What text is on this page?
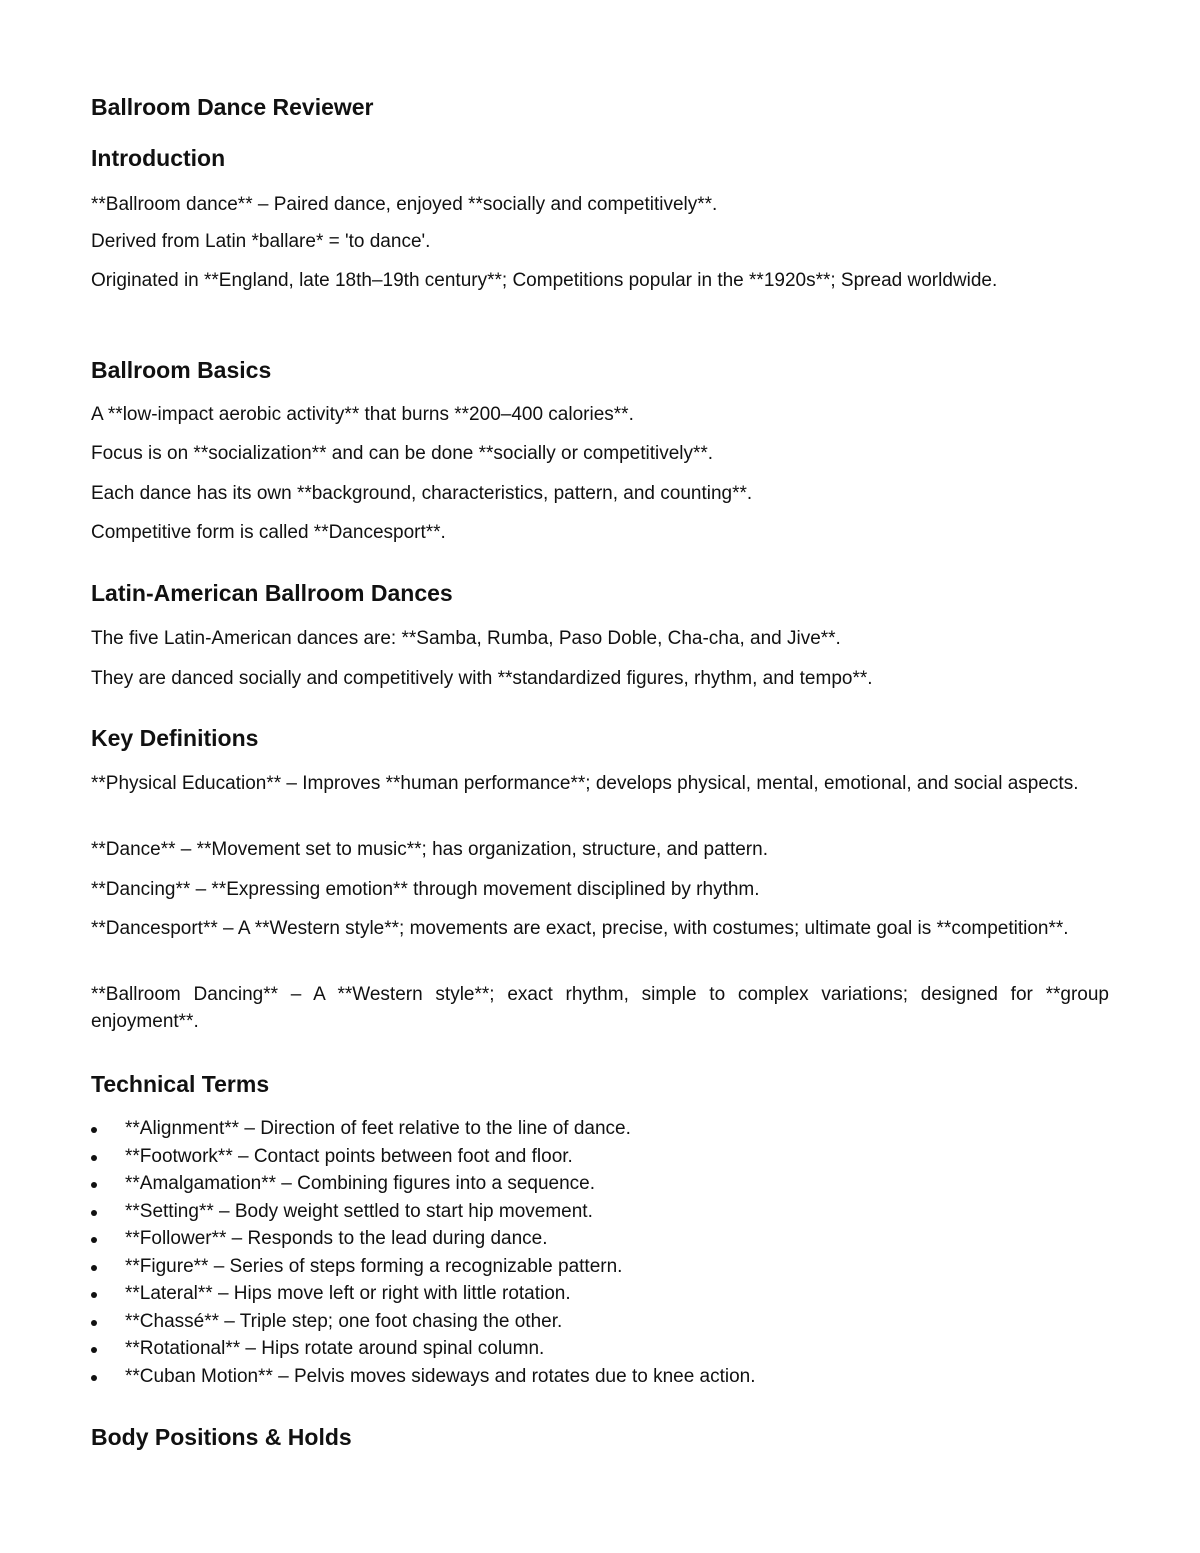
Ballroom Dance Reviewer
Introduction

**Ballroom dance** – Paired dance, enjoyed **socially and competitively**.

Derived from Latin *ballare* = 'to dance'.

Originated in **England, late 18th–19th century**; Competitions popular in the **1920s**; Spread worldwide.

Ballroom Basics

A **low-impact aerobic activity** that burns **200–400 calories**.

Focus is on **socialization** and can be done **socially or competitively**.

Each dance has its own **background, characteristics, pattern, and counting**.

Competitive form is called **Dancesport**.

Latin-American Ballroom Dances

The five Latin-American dances are: **Samba, Rumba, Paso Doble, Cha-cha, and Jive**.

They are danced socially and competitively with **standardized figures, rhythm, and tempo**.

Key Definitions

**Physical Education** – Improves **human performance**; develops physical, mental, emotional, and social aspects.

**Dance** – **Movement set to music**; has organization, structure, and pattern.

**Dancing** – **Expressing emotion** through movement disciplined by rhythm.

**Dancesport** – A **Western style**; movements are exact, precise, with costumes; ultimate goal is **competition**.

**Ballroom Dancing** – A **Western style**; exact rhythm, simple to complex variations; designed for **group enjoyment**.

Technical Terms
**Alignment** – Direction of feet relative to the line of dance.
**Footwork** – Contact points between foot and floor.
**Amalgamation** – Combining figures into a sequence.
**Setting** – Body weight settled to start hip movement.
**Follower** – Responds to the lead during dance.
**Figure** – Series of steps forming a recognizable pattern.
**Lateral** – Hips move left or right with little rotation.
**Chassé** – Triple step; one foot chasing the other.
**Rotational** – Hips rotate around spinal column.
**Cuban Motion** – Pelvis moves sideways and rotates due to knee action.
Body Positions & Holds
